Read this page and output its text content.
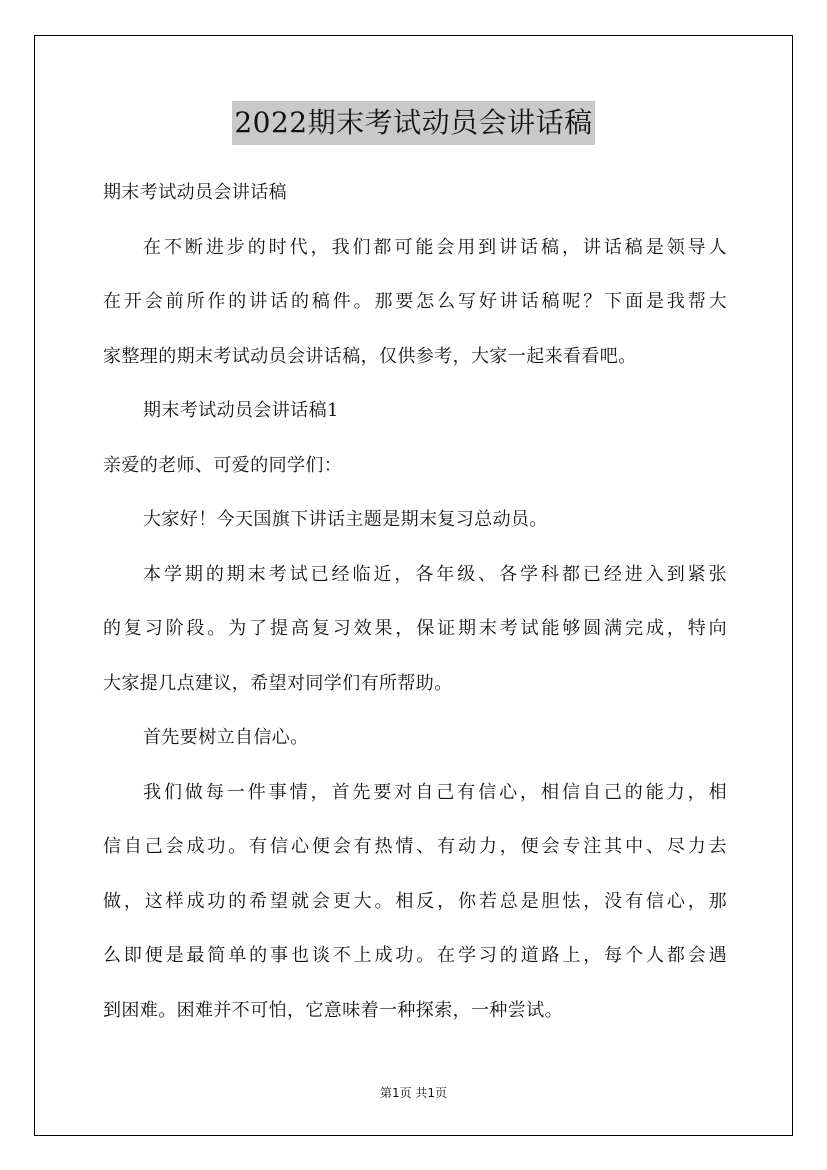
2022期末考试动员会讲话稿
期末考试动员会讲话稿
在不断进步的时代，我们都可能会用到讲话稿，讲话稿是领导人
在开会前所作的讲话的稿件。那要怎么写好讲话稿呢？下面是我帮大
家整理的期末考试动员会讲话稿，仅供参考，大家一起来看看吧。
期末考试动员会讲话稿1
亲爱的老师、可爱的同学们：
大家好！今天国旗下讲话主题是期末复习总动员。
本学期的期末考试已经临近，各年级、各学科都已经进入到紧张
的复习阶段。为了提高复习效果，保证期末考试能够圆满完成，特向
大家提几点建议，希望对同学们有所帮助。
首先要树立自信心。
我们做每一件事情，首先要对自己有信心，相信自己的能力，相
信自己会成功。有信心便会有热情、有动力，便会专注其中、尽力去
做，这样成功的希望就会更大。相反，你若总是胆怯，没有信心，那
么即便是最简单的事也谈不上成功。在学习的道路上，每个人都会遇
到困难。困难并不可怕，它意味着一种探索，一种尝试。
第1页 共1页
